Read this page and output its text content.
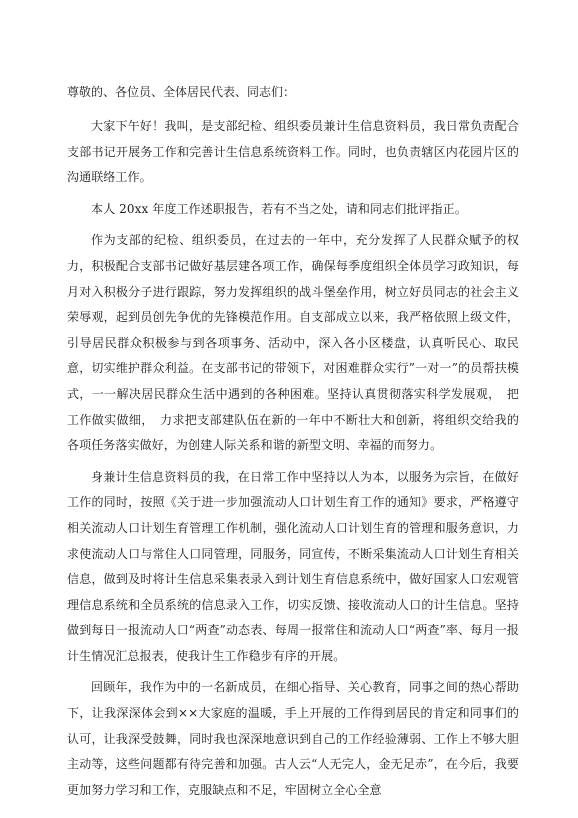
尊敬的、各位员、全体居民代表、同志们：

大家下午好！我叫，是支部纪检、组织委员兼计生信息资料员，我日常负责配合支部书记开展务工作和完善计生信息系统资料工作。同时，也负责辖区内花园片区的沟通联络工作。

本人 20xx 年度工作述职报告，若有不当之处，请和同志们批评指正。

作为支部的纪检、组织委员，在过去的一年中，充分发挥了人民群众赋予的权力，积极配合支部书记做好基层建各项工作，确保每季度组织全体员学习政知识，每月对入积极分子进行跟踪，努力发挥组织的战斗堡垒作用，树立好员同志的社会主义荣辱观，起到员创先争优的先锋模范作用。自支部成立以来，我严格依照上级文件，引导居民群众积极参与到各项事务、活动中，深入各小区楼盘，认真听民心、取民意，切实维护群众利益。在支部书记的带领下，对困难群众实行”一对一”的员帮扶模式，一一解决居民群众生活中遇到的各种困难。坚持认真贯彻落实科学发展观，　把工作做实做细，　力求把支部建队伍在新的一年中不断壮大和创新，将组织交给我的各项任务落实做好，为创建人际关系和谐的新型文明、幸福的而努力。

身兼计生信息资料员的我，在日常工作中坚持以人为本，以服务为宗旨，在做好工作的同时，按照《关于进一步加强流动人口计划生育工作的通知》要求，严格遵守相关流动人口计划生育管理工作机制，强化流动人口计划生育的管理和服务意识，力求使流动人口与常住人口同管理，同服务，同宣传，不断采集流动人口计划生育相关信息，做到及时将计生信息采集表录入到计划生育信息系统中，做好国家人口宏观管理信息系统和全员系统的信息录入工作，切实反馈、接收流动人口的计生信息。坚持做到每日一报流动人口“两查”动态表、每周一报常住和流动人口“两查”率、每月一报计生情况汇总报表，使我计生工作稳步有序的开展。

回顾年，我作为中的一名新成员，在细心指导、关心教育，同事之间的热心帮助下，让我深深体会到××大家庭的温暖，手上开展的工作得到居民的肯定和同事们的认可，让我深受鼓舞，同时我也深深地意识到自己的工作经验薄弱、工作上不够大胆主动等，这些问题都有待完善和加强。古人云“人无完人，金无足赤”，在今后，我要更加努力学习和工作，克服缺点和不足，牢固树立全心全意
